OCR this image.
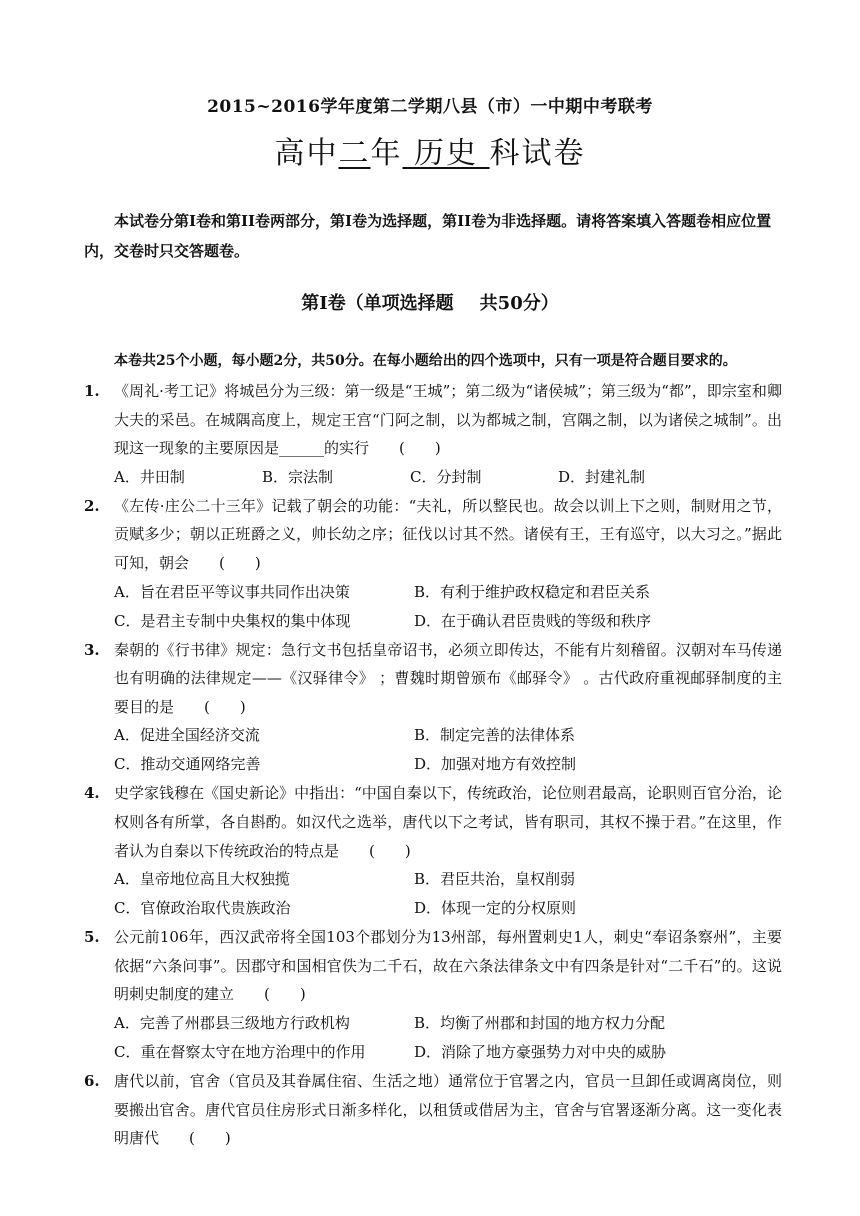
2015~2016学年度第二学期八县（市）一中期中考联考
高中二年 历史 科试卷
本试卷分第Ⅰ卷和第II卷两部分，第Ⅰ卷为选择题，第II卷为非选择题。请将答案填入答题卷相应位置内，交卷时只交答题卷。
第Ⅰ卷（单项选择题 共50分）
本卷共25个小题，每小题2分，共50分。在每小题给出的四个选项中，只有一项是符合题目要求的。
1. 《周礼·考工记》将城邑分为三级：第一级是“王城”；第二级为“诸侯城”；第三级为“都”，即宗室和卿大夫的采邑。在城隅高度上，规定王宫“门阿之制，以为都城之制，宫隅之制，以为诸侯之城制”。出现这一现象的主要原因是______的实行　　(　　)
A．井田制	B．宗法制	C．分封制	D．封建礼制
2. 《左传·庄公二十三年》记载了朝会的功能：“夫礼，所以整民也。故会以训上下之则，制财用之节，贡赋多少；朝以正班爵之义，帅长幼之序；征伐以讨其不然。诸侯有王，王有巡守，以大习之。”据此可知，朝会　　(　　)
A．旨在君臣平等议事共同作出决策	B．有利于维护政权稳定和君臣关系
C．是君主专制中央集权的集中体现	D．在于确认君臣贵贱的等级和秩序
3. 秦朝的《行书律》规定：急行文书包括皇帝诏书，必须立即传达，不能有片刻稽留。汉朝对车马传递也有明确的法律规定——《汉驿律令》 ；曹魏时期曾颁布《邮驿令》 。古代政府重视邮驿制度的主要目的是　　(　　)
A．促进全国经济交流	B．制定完善的法律体系
C．推动交通网络完善	D．加强对地方有效控制
4. 史学家钱穆在《国史新论》中指出：“中国自秦以下，传统政治，论位则君最高，论职则百官分治，论权则各有所掌，各自斟酌。如汉代之选举，唐代以下之考试，皆有职司，其权不操于君。”在这里，作者认为自秦以下传统政治的特点是　　(　　)
A．皇帝地位高且大权独揽	B．君臣共治，皇权削弱
C．官僚政治取代贵族政治	D．体现一定的分权原则
5. 公元前106年，西汉武帝将全国103个郡划分为13州部，每州置刺史1人，刺史“奉诏条察州”，主要依据“六条问事”。因郡守和国相官佚为二千石，故在六条法律条文中有四条是针对“二千石”的。这说明刺史制度的建立　　(　　)
A．完善了州郡县三级地方行政机构	B．均衡了州郡和封国的地方权力分配
C．重在督察太守在地方治理中的作用	D．消除了地方豪强势力对中央的威胁
6. 唐代以前，官舍（官员及其眷属住宿、生活之地）通常位于官署之内，官员一旦卸任或调离岗位，则要搬出官舍。唐代官员住房形式日渐多样化，以租赁或借居为主，官舍与官署逐渐分离。这一变化表明唐代　　(　　)
